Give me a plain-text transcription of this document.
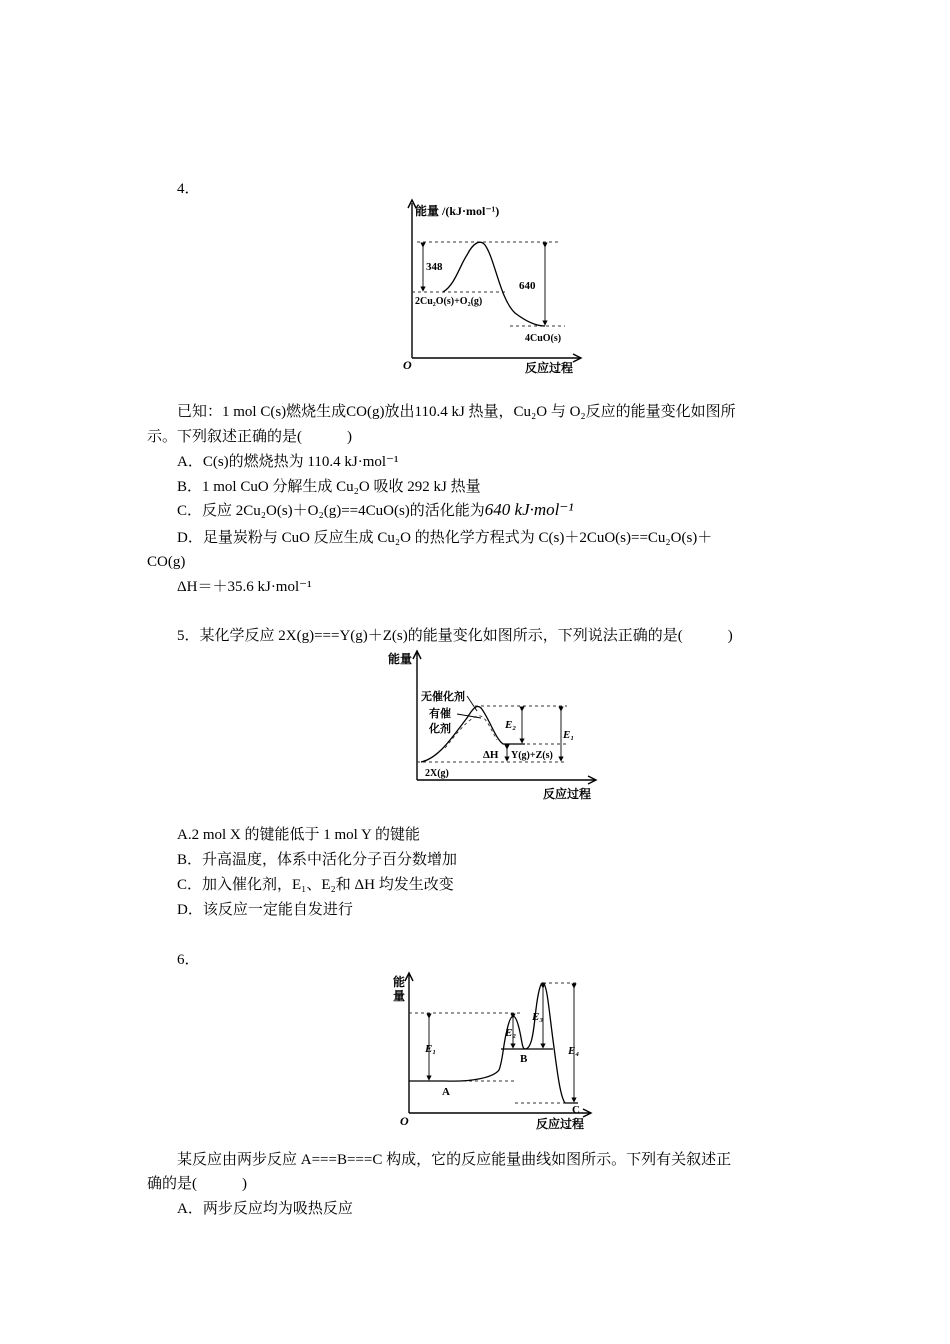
4．
能量 /(kJ·mol⁻¹)
反应过程
O
348
640
2Cu₂O(s)+O₂(g)
4CuO(s)
已知：1 mol C(s)燃烧生成CO(g)放出110.4 kJ 热量，Cu₂O 与 O₂反应的能量变化如图所
示。下列叙述正确的是(　　　)
A．C(s)的燃烧热为 110.4 kJ·mol⁻¹
B．1 mol CuO 分解生成 Cu₂O 吸收 292 kJ 热量
C．反应 2Cu₂O(s)＋O₂(g)==4CuO(s)的活化能为640 kJ·mol⁻¹
D．足量炭粉与 CuO 反应生成 Cu₂O 的热化学方程式为 C(s)＋2CuO(s)==Cu₂O(s)＋
CO(g)
ΔH＝＋35.6 kJ·mol⁻¹
5．某化学反应 2X(g)===Y(g)＋Z(s)的能量变化如图所示，下列说法正确的是(　　　)
能量
反应过程
无催化剂
有催
化剂	E₂
E₁
ΔH Y(g)+Z(s)
2X(g)
A.2 mol X 的键能低于 1 mol Y 的键能
B．升高温度，体系中活化分子百分数增加
C．加入催化剂，E₁、E₂和 ΔH 均发生改变
D．该反应一定能自发进行
6．
能
量
反应过程
O
E₁
E₂
E₃
E₄
A
B
C
某反应由两步反应 A===B===C 构成，它的反应能量曲线如图所示。下列有关叙述正
确的是(　　　)
A．两步反应均为吸热反应
